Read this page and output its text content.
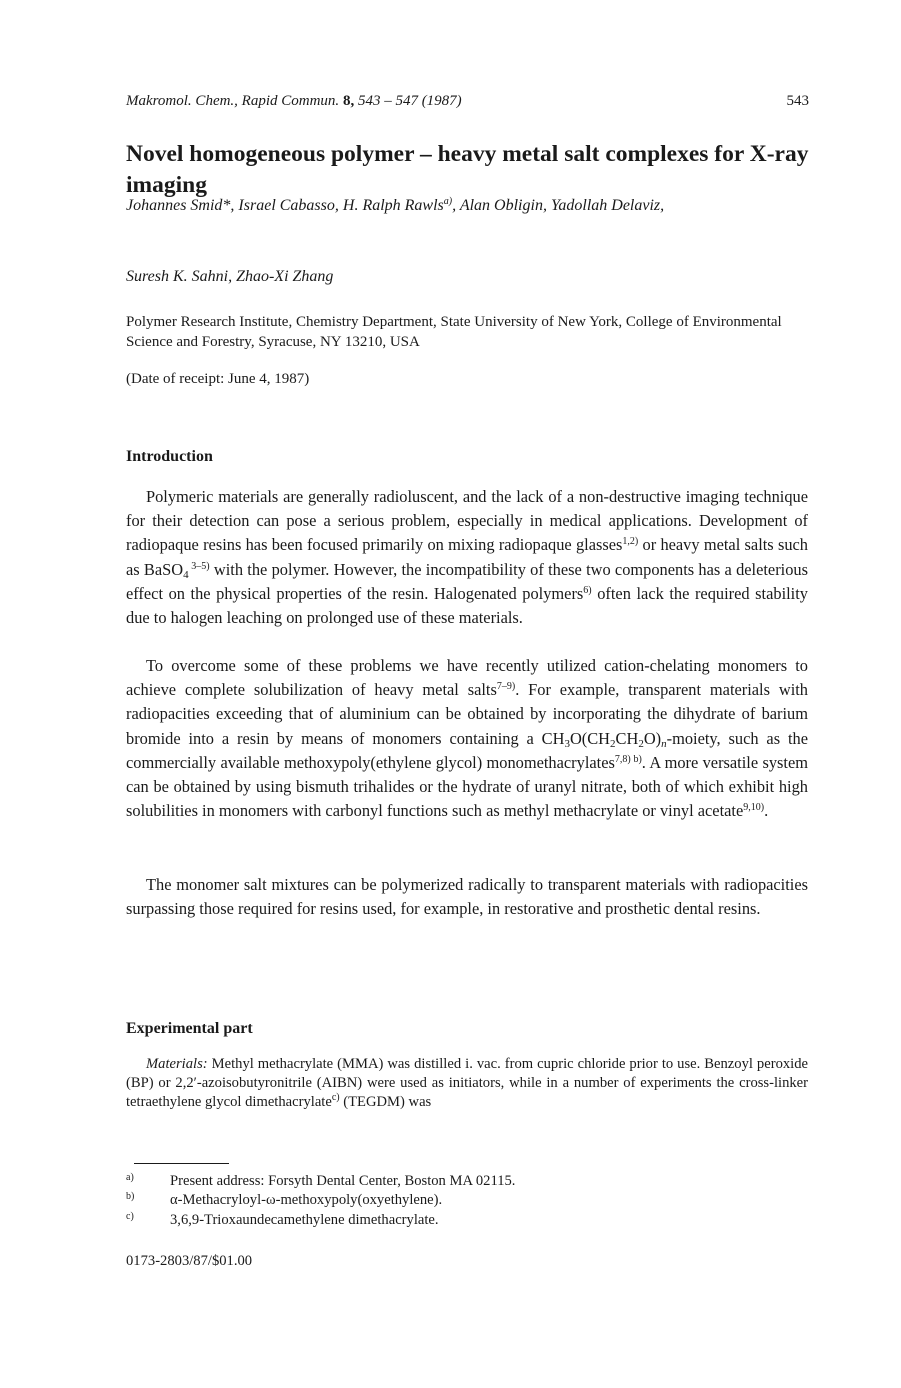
Makromol. Chem., Rapid Commun. 8, 543 – 547 (1987)	543
Novel homogeneous polymer – heavy metal salt complexes for X-ray imaging
Johannes Smid*, Israel Cabasso, H. Ralph Rawls$^{a)}$, Alan Obligin, Yadollah Delaviz,
Suresh K. Sahni, Zhao-Xi Zhang
Polymer Research Institute, Chemistry Department, State University of New York, College of Environmental Science and Forestry, Syracuse, NY 13210, USA
(Date of receipt: June 4, 1987)
Introduction

Polymeric materials are generally radioluscent, and the lack of a non-destructive imaging technique for their detection can pose a serious problem, especially in medical applications. Development of radiopaque resins has been focused primarily on mixing radiopaque glasses$^{1,2)}$ or heavy metal salts such as BaSO$_4$ $^{3-5)}$ with the polymer. However, the incompatibility of these two components has a deleterious effect on the physical properties of the resin. Halogenated polymers$^{6)}$ often lack the required stability due to halogen leaching on prolonged use of these materials.

To overcome some of these problems we have recently utilized cation-chelating monomers to achieve complete solubilization of heavy metal salts$^{7-9)}$. For example, transparent materials with radiopacities exceeding that of aluminium can be obtained by incorporating the dihydrate of barium bromide into a resin by means of monomers containing a $CH_3O(CH_2CH_2O)_n$-moiety, such as the commercially available methoxypoly(ethylene glycol) monomethacrylates$^{7,8) b)}$. A more versatile system can be obtained by using bismuth trihalides or the hydrate of uranyl nitrate, both of which exhibit high solubilities in monomers with carbonyl functions such as methyl methacrylate or vinyl acetate$^{9,10)}$.

The monomer salt mixtures can be polymerized radically to transparent materials with radiopacities surpassing those required for resins used, for example, in restorative and prosthetic dental resins.

Experimental part

Materials: Methyl methacrylate (MMA) was distilled i. vac. from cupric chloride prior to use. Benzoyl peroxide (BP) or 2,2′-azoisobutyronitrile (AIBN) were used as initiators, while in a number of experiments the cross-linker tetraethylene glycol dimethacrylate$^{c)}$ (TEGDM) was

a) Present address: Forsyth Dental Center, Boston MA 02115.
b) α-Methacryloyl-ω-methoxypoly(oxyethylene).
c) 3,6,9-Trioxaundecamethylene dimethacrylate.
0173-2803/87/$01.00
